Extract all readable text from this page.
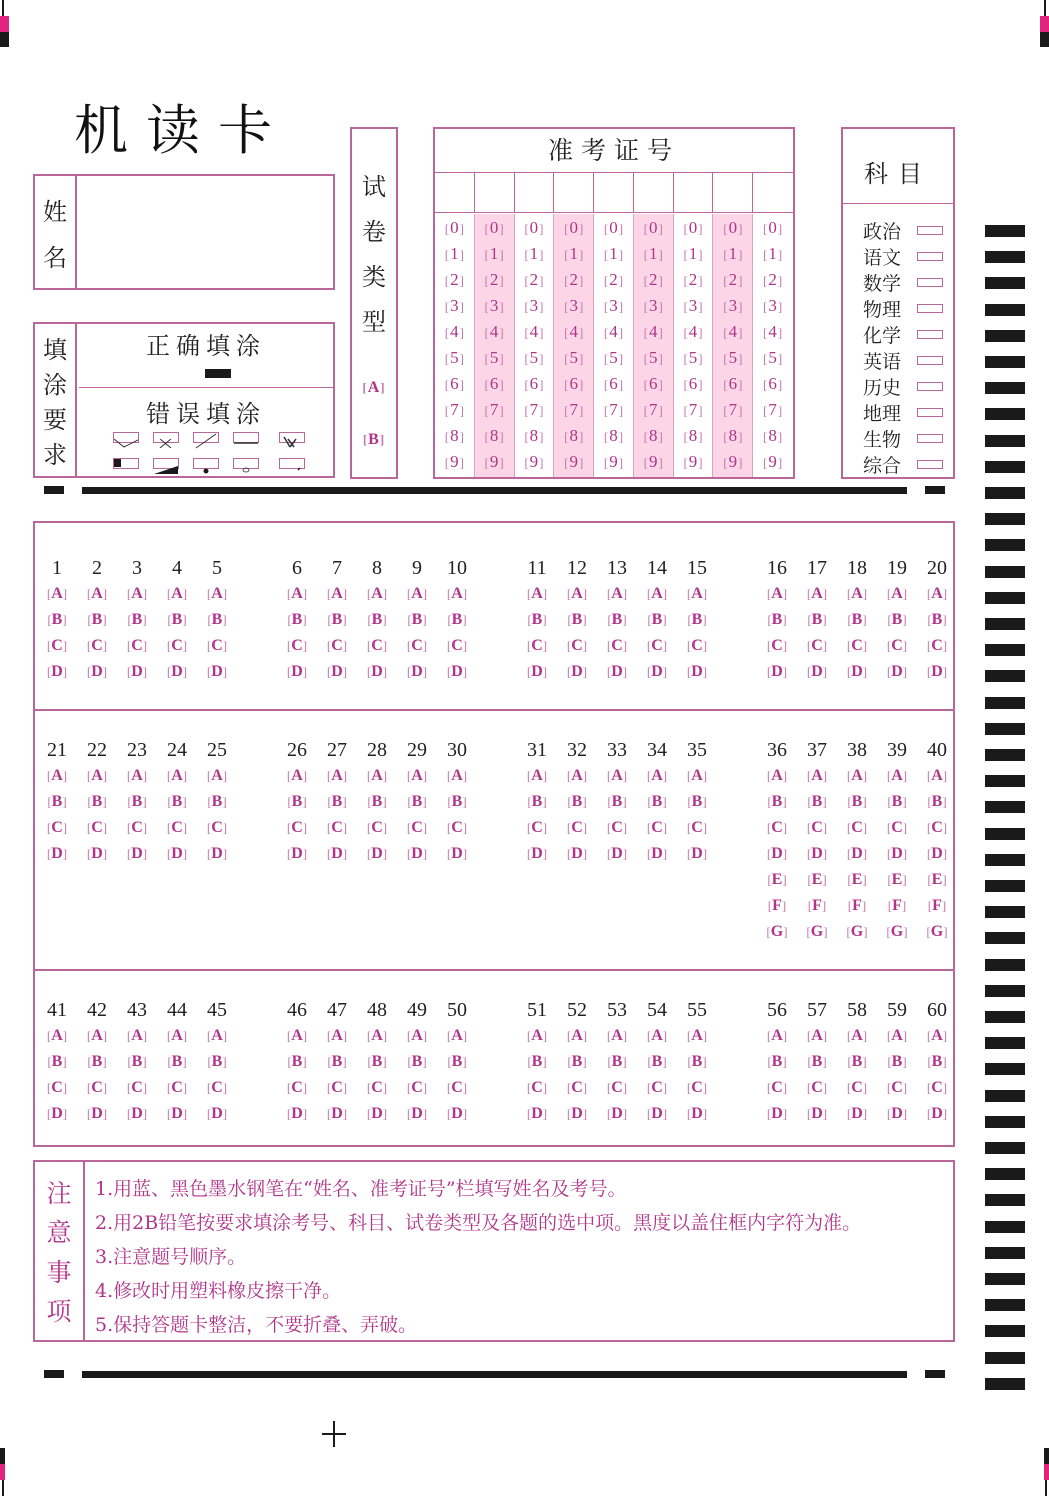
机读卡
姓
名
填
涂
要
求
正确填涂
错误填涂
试
卷
类
型
[A]
[B]
准考证号
[0]
[1]
[2]
[3]
[4]
[5]
[6]
[7]
[8]
[9]
[0]
[1]
[2]
[3]
[4]
[5]
[6]
[7]
[8]
[9]
[0]
[1]
[2]
[3]
[4]
[5]
[6]
[7]
[8]
[9]
[0]
[1]
[2]
[3]
[4]
[5]
[6]
[7]
[8]
[9]
[0]
[1]
[2]
[3]
[4]
[5]
[6]
[7]
[8]
[9]
[0]
[1]
[2]
[3]
[4]
[5]
[6]
[7]
[8]
[9]
[0]
[1]
[2]
[3]
[4]
[5]
[6]
[7]
[8]
[9]
[0]
[1]
[2]
[3]
[4]
[5]
[6]
[7]
[8]
[9]
[0]
[1]
[2]
[3]
[4]
[5]
[6]
[7]
[8]
[9]
科目
政治
语文
数学
物理
化学
英语
历史
地理
生物
综合
1
[A]
[B]
[C]
[D]
2
[A]
[B]
[C]
[D]
3
[A]
[B]
[C]
[D]
4
[A]
[B]
[C]
[D]
5
[A]
[B]
[C]
[D]
6
[A]
[B]
[C]
[D]
7
[A]
[B]
[C]
[D]
8
[A]
[B]
[C]
[D]
9
[A]
[B]
[C]
[D]
10
[A]
[B]
[C]
[D]
11
[A]
[B]
[C]
[D]
12
[A]
[B]
[C]
[D]
13
[A]
[B]
[C]
[D]
14
[A]
[B]
[C]
[D]
15
[A]
[B]
[C]
[D]
16
[A]
[B]
[C]
[D]
17
[A]
[B]
[C]
[D]
18
[A]
[B]
[C]
[D]
19
[A]
[B]
[C]
[D]
20
[A]
[B]
[C]
[D]
21
[A]
[B]
[C]
[D]
22
[A]
[B]
[C]
[D]
23
[A]
[B]
[C]
[D]
24
[A]
[B]
[C]
[D]
25
[A]
[B]
[C]
[D]
26
[A]
[B]
[C]
[D]
27
[A]
[B]
[C]
[D]
28
[A]
[B]
[C]
[D]
29
[A]
[B]
[C]
[D]
30
[A]
[B]
[C]
[D]
31
[A]
[B]
[C]
[D]
32
[A]
[B]
[C]
[D]
33
[A]
[B]
[C]
[D]
34
[A]
[B]
[C]
[D]
35
[A]
[B]
[C]
[D]
36
[A]
[B]
[C]
[D]
[E]
[F]
[G]
37
[A]
[B]
[C]
[D]
[E]
[F]
[G]
38
[A]
[B]
[C]
[D]
[E]
[F]
[G]
39
[A]
[B]
[C]
[D]
[E]
[F]
[G]
40
[A]
[B]
[C]
[D]
[E]
[F]
[G]
41
[A]
[B]
[C]
[D]
42
[A]
[B]
[C]
[D]
43
[A]
[B]
[C]
[D]
44
[A]
[B]
[C]
[D]
45
[A]
[B]
[C]
[D]
46
[A]
[B]
[C]
[D]
47
[A]
[B]
[C]
[D]
48
[A]
[B]
[C]
[D]
49
[A]
[B]
[C]
[D]
50
[A]
[B]
[C]
[D]
51
[A]
[B]
[C]
[D]
52
[A]
[B]
[C]
[D]
53
[A]
[B]
[C]
[D]
54
[A]
[B]
[C]
[D]
55
[A]
[B]
[C]
[D]
56
[A]
[B]
[C]
[D]
57
[A]
[B]
[C]
[D]
58
[A]
[B]
[C]
[D]
59
[A]
[B]
[C]
[D]
60
[A]
[B]
[C]
[D]
注
意
事
项
1.用蓝、黑色墨水钢笔在“姓名、准考证号”栏填写姓名及考号。
2.用2B铅笔按要求填涂考号、科目、试卷类型及各题的选中项。黑度以盖住框内字符为准。
3.注意题号顺序。
4.修改时用塑料橡皮擦干净。
5.保持答题卡整洁，不要折叠、弄破。
